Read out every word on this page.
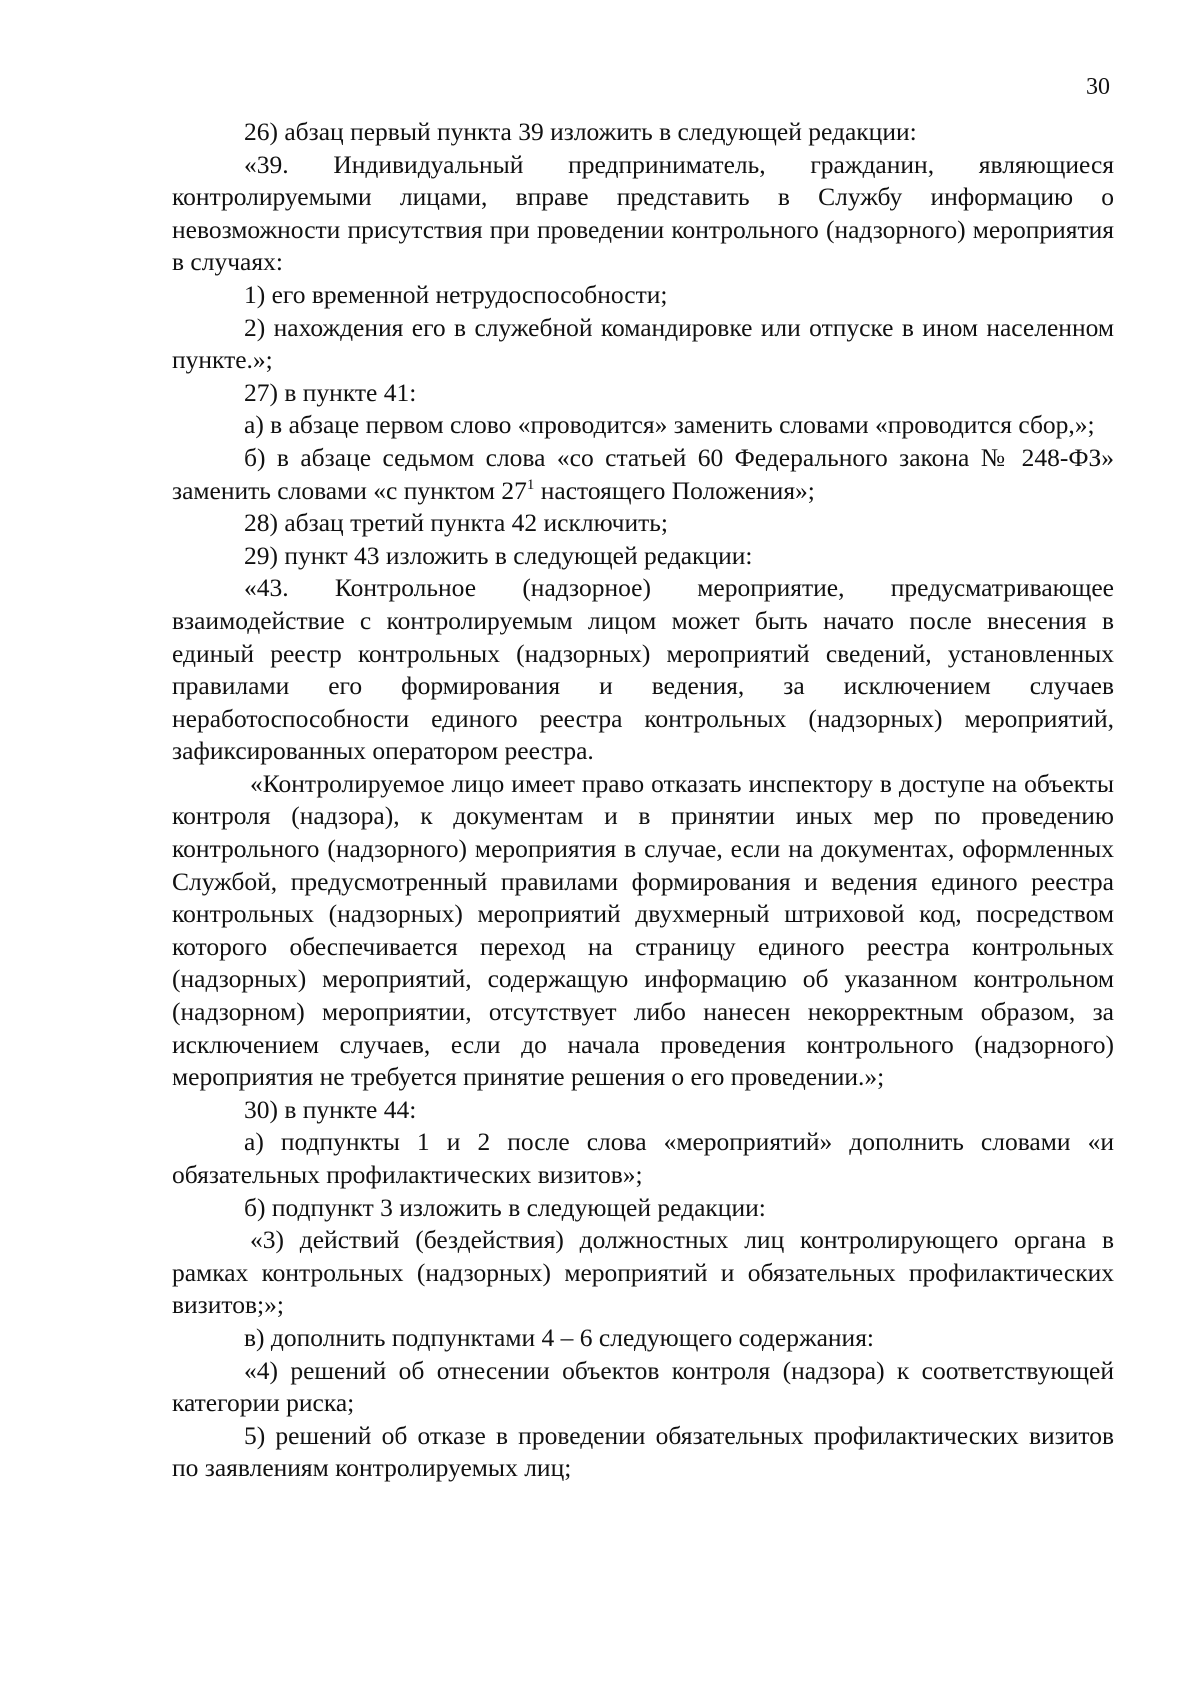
30

26) абзац первый пункта 39 изложить в следующей редакции:

«39. Индивидуальный предприниматель, гражданин, являющиеся контролируемыми лицами, вправе представить в Службу информацию о невозможности присутствия при проведении контрольного (надзорного) мероприятия в случаях:

1) его временной нетрудоспособности;

2) нахождения его в служебной командировке или отпуске в ином населенном пункте.»;

27) в пункте 41:

а) в абзаце первом слово «проводится» заменить словами «проводится сбор,»;

б) в абзаце седьмом слова «со статьей 60 Федерального закона № 248-ФЗ» заменить словами «с пунктом $27^1$ настоящего Положения»;

28) абзац третий пункта 42 исключить;

29) пункт 43 изложить в следующей редакции:

«43. Контрольное (надзорное) мероприятие, предусматривающее взаимодействие с контролируемым лицом может быть начато после внесения в единый реестр контрольных (надзорных) мероприятий сведений, установленных правилами его формирования и ведения, за исключением случаев неработоспособности единого реестра контрольных (надзорных) мероприятий, зафиксированных оператором реестра.

«Контролируемое лицо имеет право отказать инспектору в доступе на объекты контроля (надзора), к документам и в принятии иных мер по проведению контрольного (надзорного) мероприятия в случае, если на документах, оформленных Службой, предусмотренный правилами формирования и ведения единого реестра контрольных (надзорных) мероприятий двухмерный штриховой код, посредством которого обеспечивается переход на страницу единого реестра контрольных (надзорных) мероприятий, содержащую информацию об указанном контрольном (надзорном) мероприятии, отсутствует либо нанесен некорректным образом, за исключением случаев, если до начала проведения контрольного (надзорного) мероприятия не требуется принятие решения о его проведении.»;

30) в пункте 44:

а) подпункты 1 и 2 после слова «мероприятий» дополнить словами «и обязательных профилактических визитов»;

б) подпункт 3 изложить в следующей редакции:

«3) действий (бездействия) должностных лиц контролирующего органа в рамках контрольных (надзорных) мероприятий и обязательных профилактических визитов;»;

в) дополнить подпунктами 4 – 6 следующего содержания:

«4) решений об отнесении объектов контроля (надзора) к соответствующей категории риска;

5) решений об отказе в проведении обязательных профилактических визитов по заявлениям контролируемых лиц;
